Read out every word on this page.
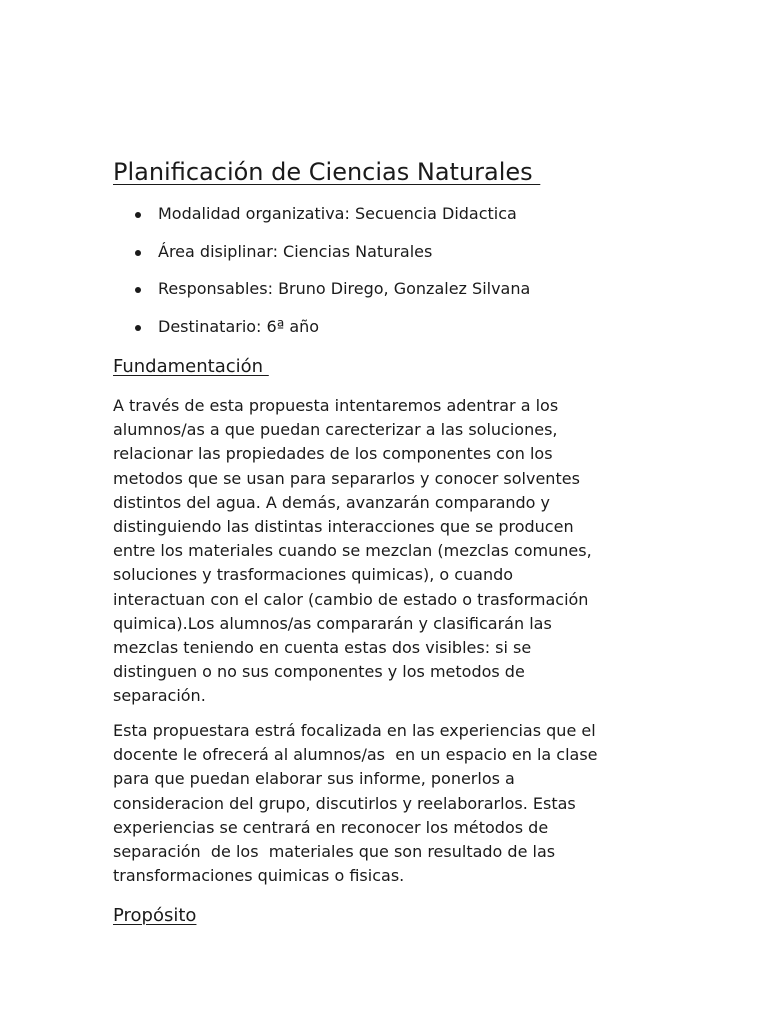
Planificación de Ciencias Naturales
Modalidad organizativa: Secuencia Didactica
Área disiplinar: Ciencias Naturales
Responsables: Bruno Dirego, Gonzalez Silvana
Destinatario: 6ª año
Fundamentación
A través de esta propuesta intentaremos adentrar a los
alumnos/as a que puedan carecterizar a las soluciones,
relacionar las propiedades de los componentes con los
metodos que se usan para separarlos y conocer solventes
distintos del agua. A demás, avanzarán comparando y
distinguiendo las distintas interacciones que se producen
entre los materiales cuando se mezclan (mezclas comunes,
soluciones y trasformaciones quimicas), o cuando
interactuan con el calor (cambio de estado o trasformación
quimica).Los alumnos/as compararán y clasificarán las
mezclas teniendo en cuenta estas dos visibles: si se
distinguen o no sus componentes y los metodos de
separación.
Esta propuestara estrá focalizada en las experiencias que el
docente le ofrecerá al alumnos/as  en un espacio en la clase
para que puedan elaborar sus informe, ponerlos a
consideracion del grupo, discutirlos y reelaborarlos. Estas
experiencias se centrará en reconocer los métodos de
separación  de los  materiales que son resultado de las
transformaciones quimicas o fisicas.
Propósito
